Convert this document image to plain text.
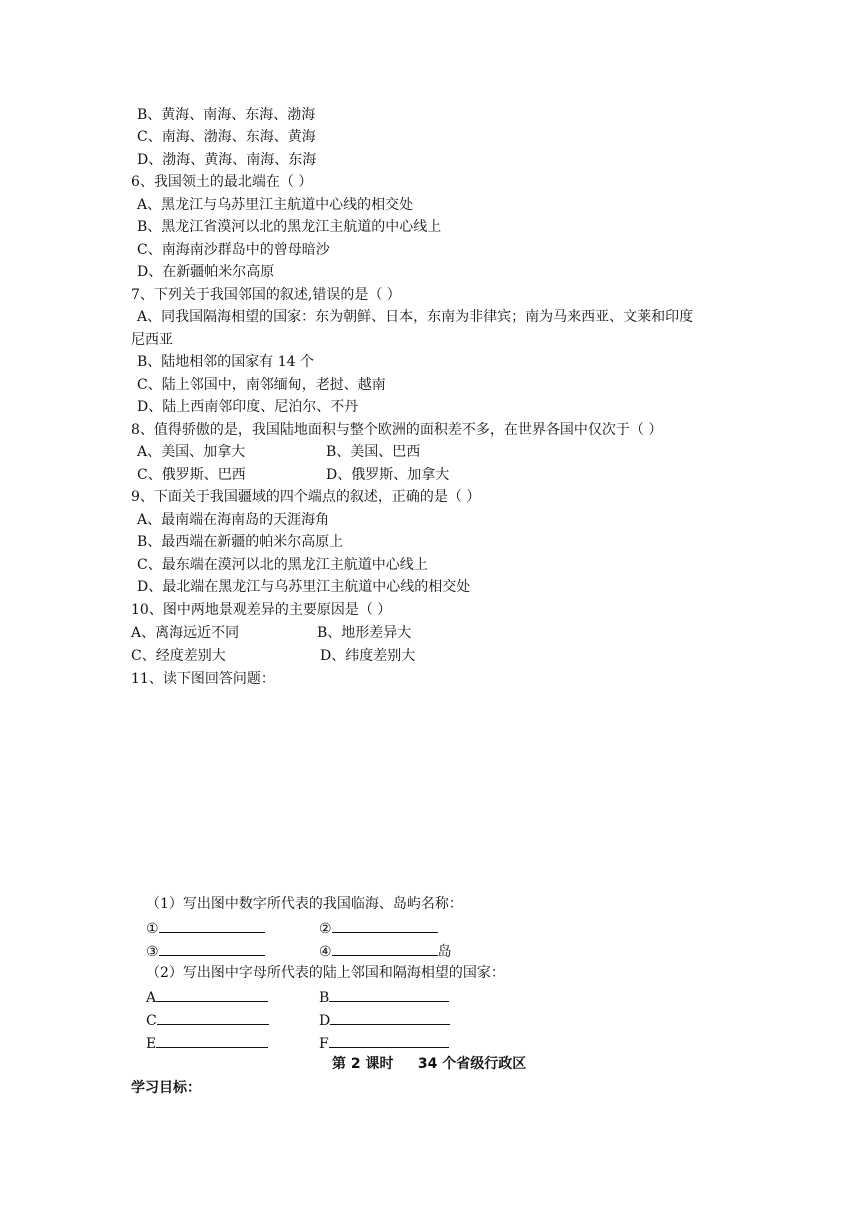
B、黄海、南海、东海、渤海
C、南海、渤海、东海、黄海
D、渤海、黄海、南海、东海
6、我国领土的最北端在（ ）
A、黑龙江与乌苏里江主航道中心线的相交处
B、黑龙江省漠河以北的黑龙江主航道的中心线上
C、南海南沙群岛中的曾母暗沙
D、在新疆帕米尔高原
7、下列关于我国邻国的叙述,错误的是（ ）
A、同我国隔海相望的国家：东为朝鲜、日本，东南为非律宾；南为马来西亚、文莱和印度
尼西亚
B、陆地相邻的国家有 14 个
C、陆上邻国中，南邻缅甸，老挝、越南
D、陆上西南邻印度、尼泊尔、不丹
8、值得骄傲的是，我国陆地面积与整个欧洲的面积差不多，在世界各国中仅次于（ ）
A、美国、加拿大	B、美国、巴西
C、俄罗斯、巴西	D、俄罗斯、加拿大
9、下面关于我国疆域的四个端点的叙述，正确的是（ ）
A、最南端在海南岛的天涯海角
B、最西端在新疆的帕米尔高原上
C、最东端在漠河以北的黑龙江主航道中心线上
D、最北端在黑龙江与乌苏里江主航道中心线的相交处
10、图中两地景观差异的主要原因是（ ）
A、离海远近不同	B、地形差异大
C、经度差别大	D、纬度差别大
11、读下图回答问题：
（1）写出图中数字所代表的我国临海、岛屿名称：
①	②
③	④	岛
（2）写出图中字母所代表的陆上邻国和隔海相望的国家：
A	B
C	D
E	F
第 2 课时     34 个省级行政区
学习目标：
